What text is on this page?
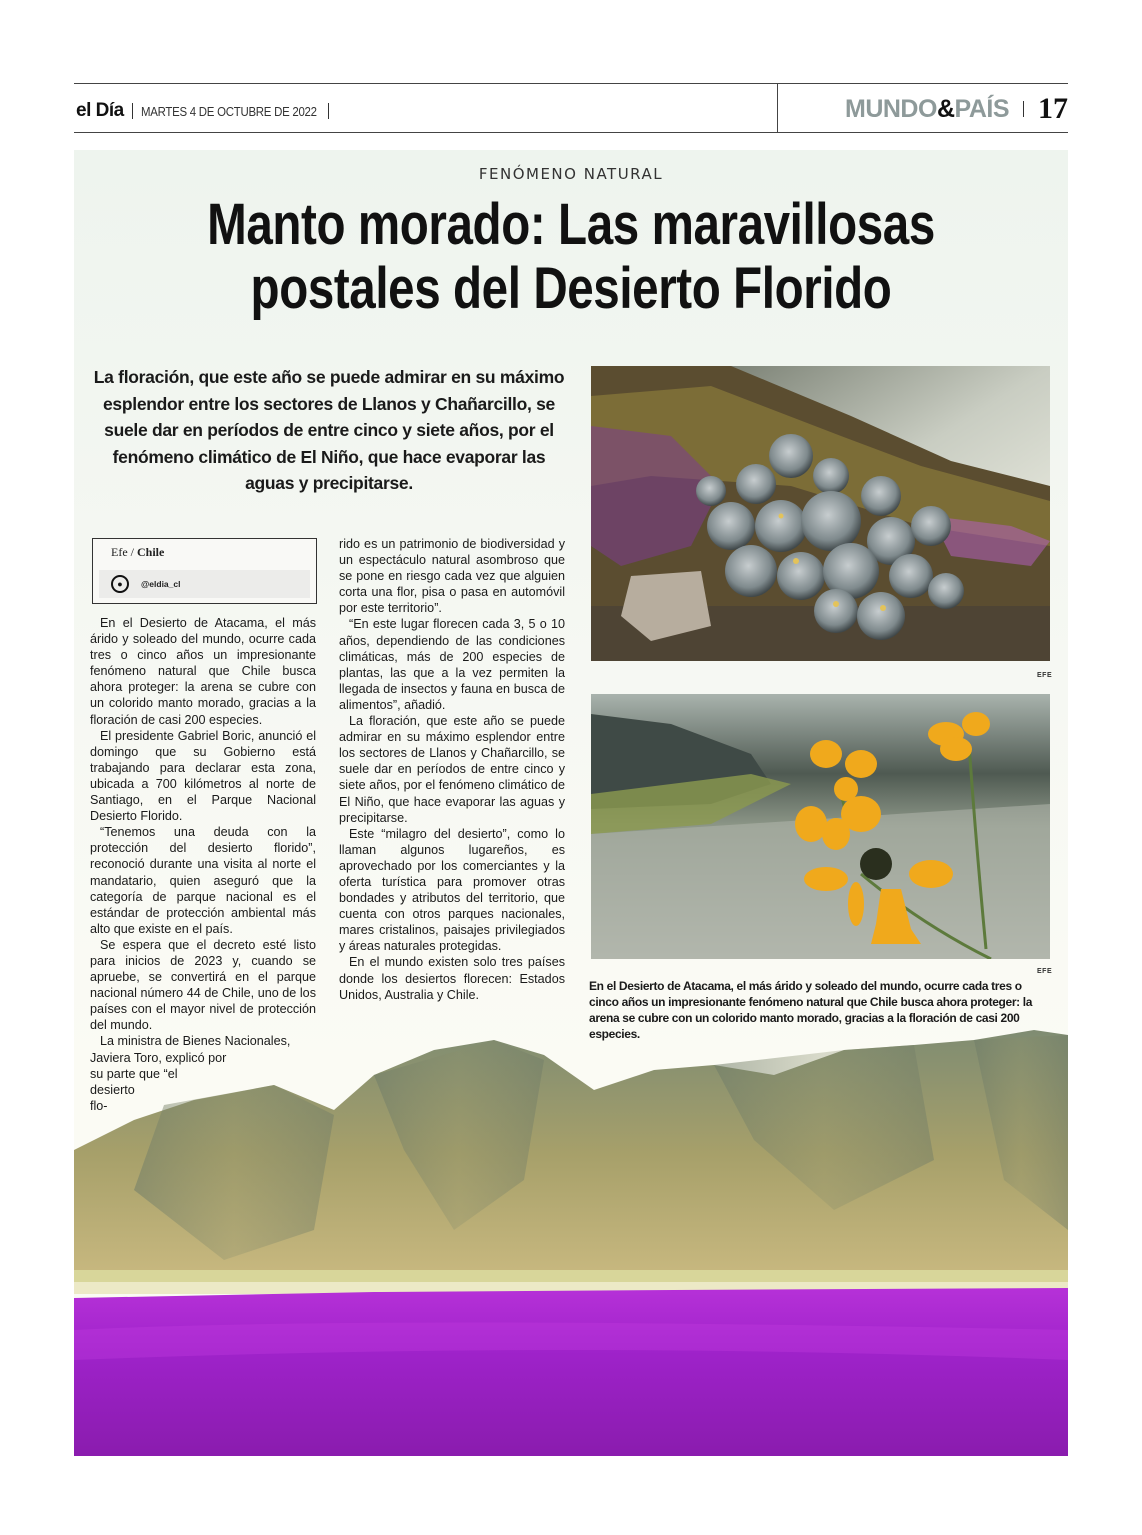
el Día MARTES 4 DE OCTUBRE DE 2022	MUNDO&PAÍS 17
FENÓMENO NATURAL
Manto morado: Las maravillosas
postales del Desierto Florido
La floración, que este año se puede admirar en su máximo esplendor entre los sectores de Llanos y Chañarcillo, se suele dar en períodos de entre cinco y siete años, por el fenómeno climático de El Niño, que hace evaporar las aguas y precipitarse.
Efe / Chile
●	@eldia_cl

En el Desierto de Atacama, el más árido y soleado del mundo, ocurre cada tres o cinco años un impresionante fenómeno natural que Chile busca ahora proteger: la arena se cubre con un colorido manto morado, gracias a la floración de casi 200 especies.

El presidente Gabriel Boric, anunció el domingo que su Gobierno está trabajando para declarar esta zona, ubicada a 700 kilómetros al norte de Santiago, en el Parque Nacional Desierto Florido.

“Tenemos una deuda con la protección del desierto florido”, reconoció durante una visita al norte el mandatario, quien aseguró que la categoría de parque nacional es el estándar de protección ambiental más alto que existe en el país.

Se espera que el decreto esté listo para inicios de 2023 y, cuando se apruebe, se convertirá en el parque nacional número 44 de Chile, uno de los países con el mayor nivel de protección del mundo.

La ministra de Bienes Nacionales,

Javiera Toro, explicó por
su parte que “el
desierto
flo-

rido es un patrimonio de biodiversidad y un espectáculo natural asombroso que se pone en riesgo cada vez que alguien corta una flor, pisa o pasa en automóvil por este territorio”.

“En este lugar florecen cada 3, 5 o 10 años, dependiendo de las condiciones climáticas, más de 200 especies de plantas, las que a la vez permiten la llegada de insectos y fauna en busca de alimentos”, añadió.

La floración, que este año se puede admirar en su máximo esplendor entre los sectores de Llanos y Chañarcillo, se suele dar en períodos de entre cinco y siete años, por el fenómeno climático de El Niño, que hace evaporar las aguas y precipitarse.

Este “milagro del desierto”, como lo llaman algunos lugareños, es aprovechado por los comerciantes y la oferta turística para promover otras bondades y atributos del territorio, que cuenta con otros parques nacionales, mares cristalinos, paisajes privilegiados y áreas naturales protegidas.

En el mundo existen solo tres países donde los desiertos florecen: Estados Unidos, Australia y Chile.

EFE
EFE
En el Desierto de Atacama, el más árido y soleado del mundo, ocurre cada tres o cinco años un impresionante fenómeno natural que Chile busca ahora proteger: la arena se cubre con un colorido manto morado, gracias a la floración de casi 200 especies.
